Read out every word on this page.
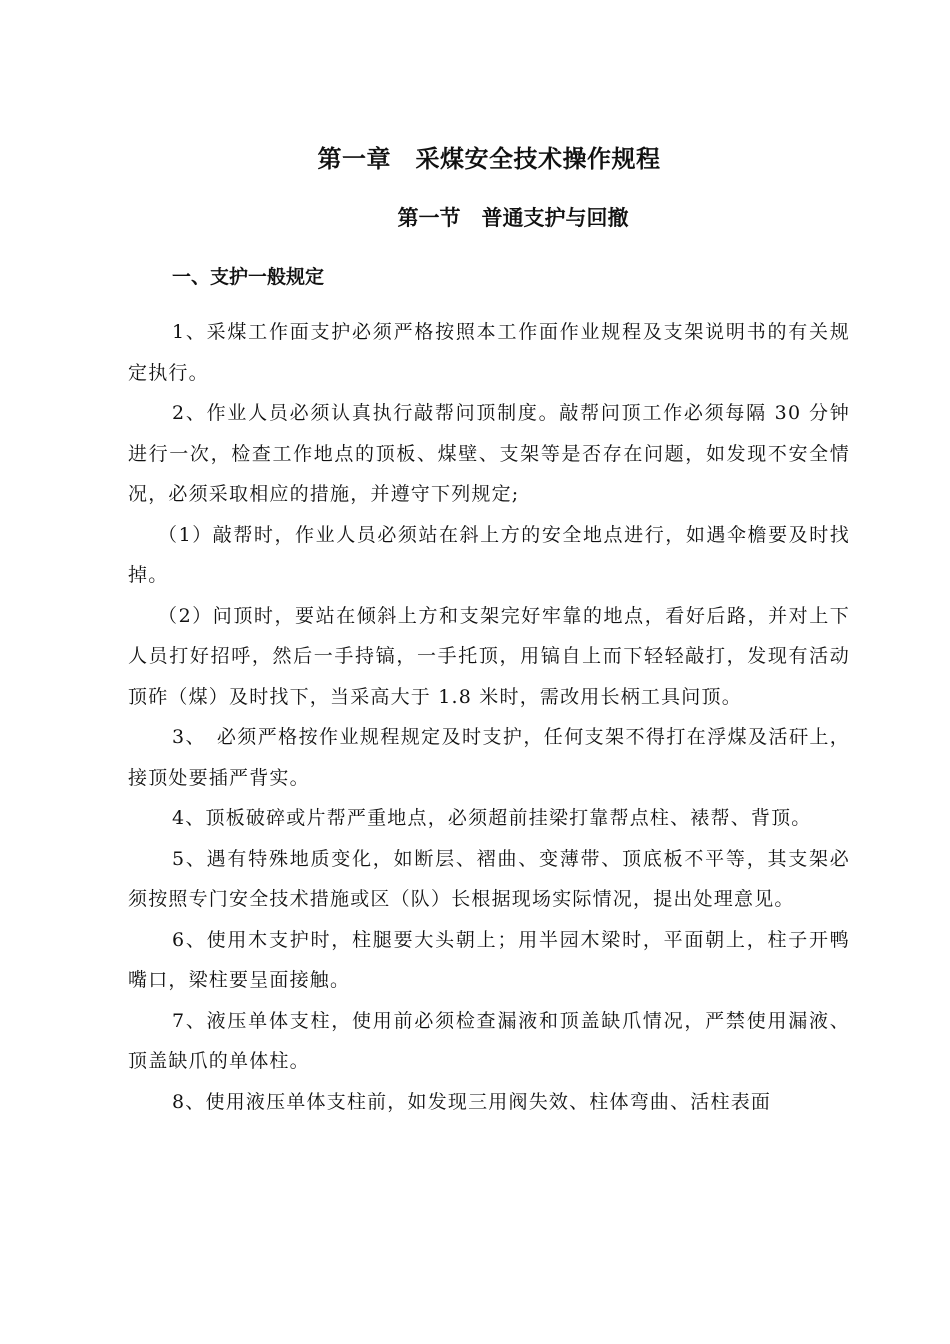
第一章　采煤安全技术操作规程
第一节　普通支护与回撤
一、支护一般规定

1、采煤工作面支护必须严格按照本工作面作业规程及支架说明书的有关规定执行。

2、作业人员必须认真执行敲帮问顶制度。敲帮问顶工作必须每隔 30 分钟进行一次，检查工作地点的顶板、煤壁、支架等是否存在问题，如发现不安全情况，必须采取相应的措施，并遵守下列规定;

（1）敲帮时，作业人员必须站在斜上方的安全地点进行，如遇伞檐要及时找掉。

（2）问顶时，要站在倾斜上方和支架完好牢靠的地点，看好后路，并对上下人员打好招呼，然后一手持镐，一手托顶，用镐自上而下轻轻敲打，发现有活动顶砟（煤）及时找下，当采高大于 1.8 米时，需改用长柄工具问顶。

3、　必须严格按作业规程规定及时支护，任何支架不得打在浮煤及活矸上，接顶处要插严背实。

4、顶板破碎或片帮严重地点，必须超前挂梁打靠帮点柱、裱帮、背顶。

5、遇有特殊地质变化，如断层、褶曲、变薄带、顶底板不平等，其支架必须按照专门安全技术措施或区（队）长根据现场实际情况，提出处理意见。

6、使用木支护时，柱腿要大头朝上；用半园木梁时，平面朝上，柱子开鸭嘴口，梁柱要呈面接触。

7、液压单体支柱，使用前必须检查漏液和顶盖缺爪情况，严禁使用漏液、顶盖缺爪的单体柱。

8、使用液压单体支柱前，如发现三用阀失效、柱体弯曲、活柱表面
